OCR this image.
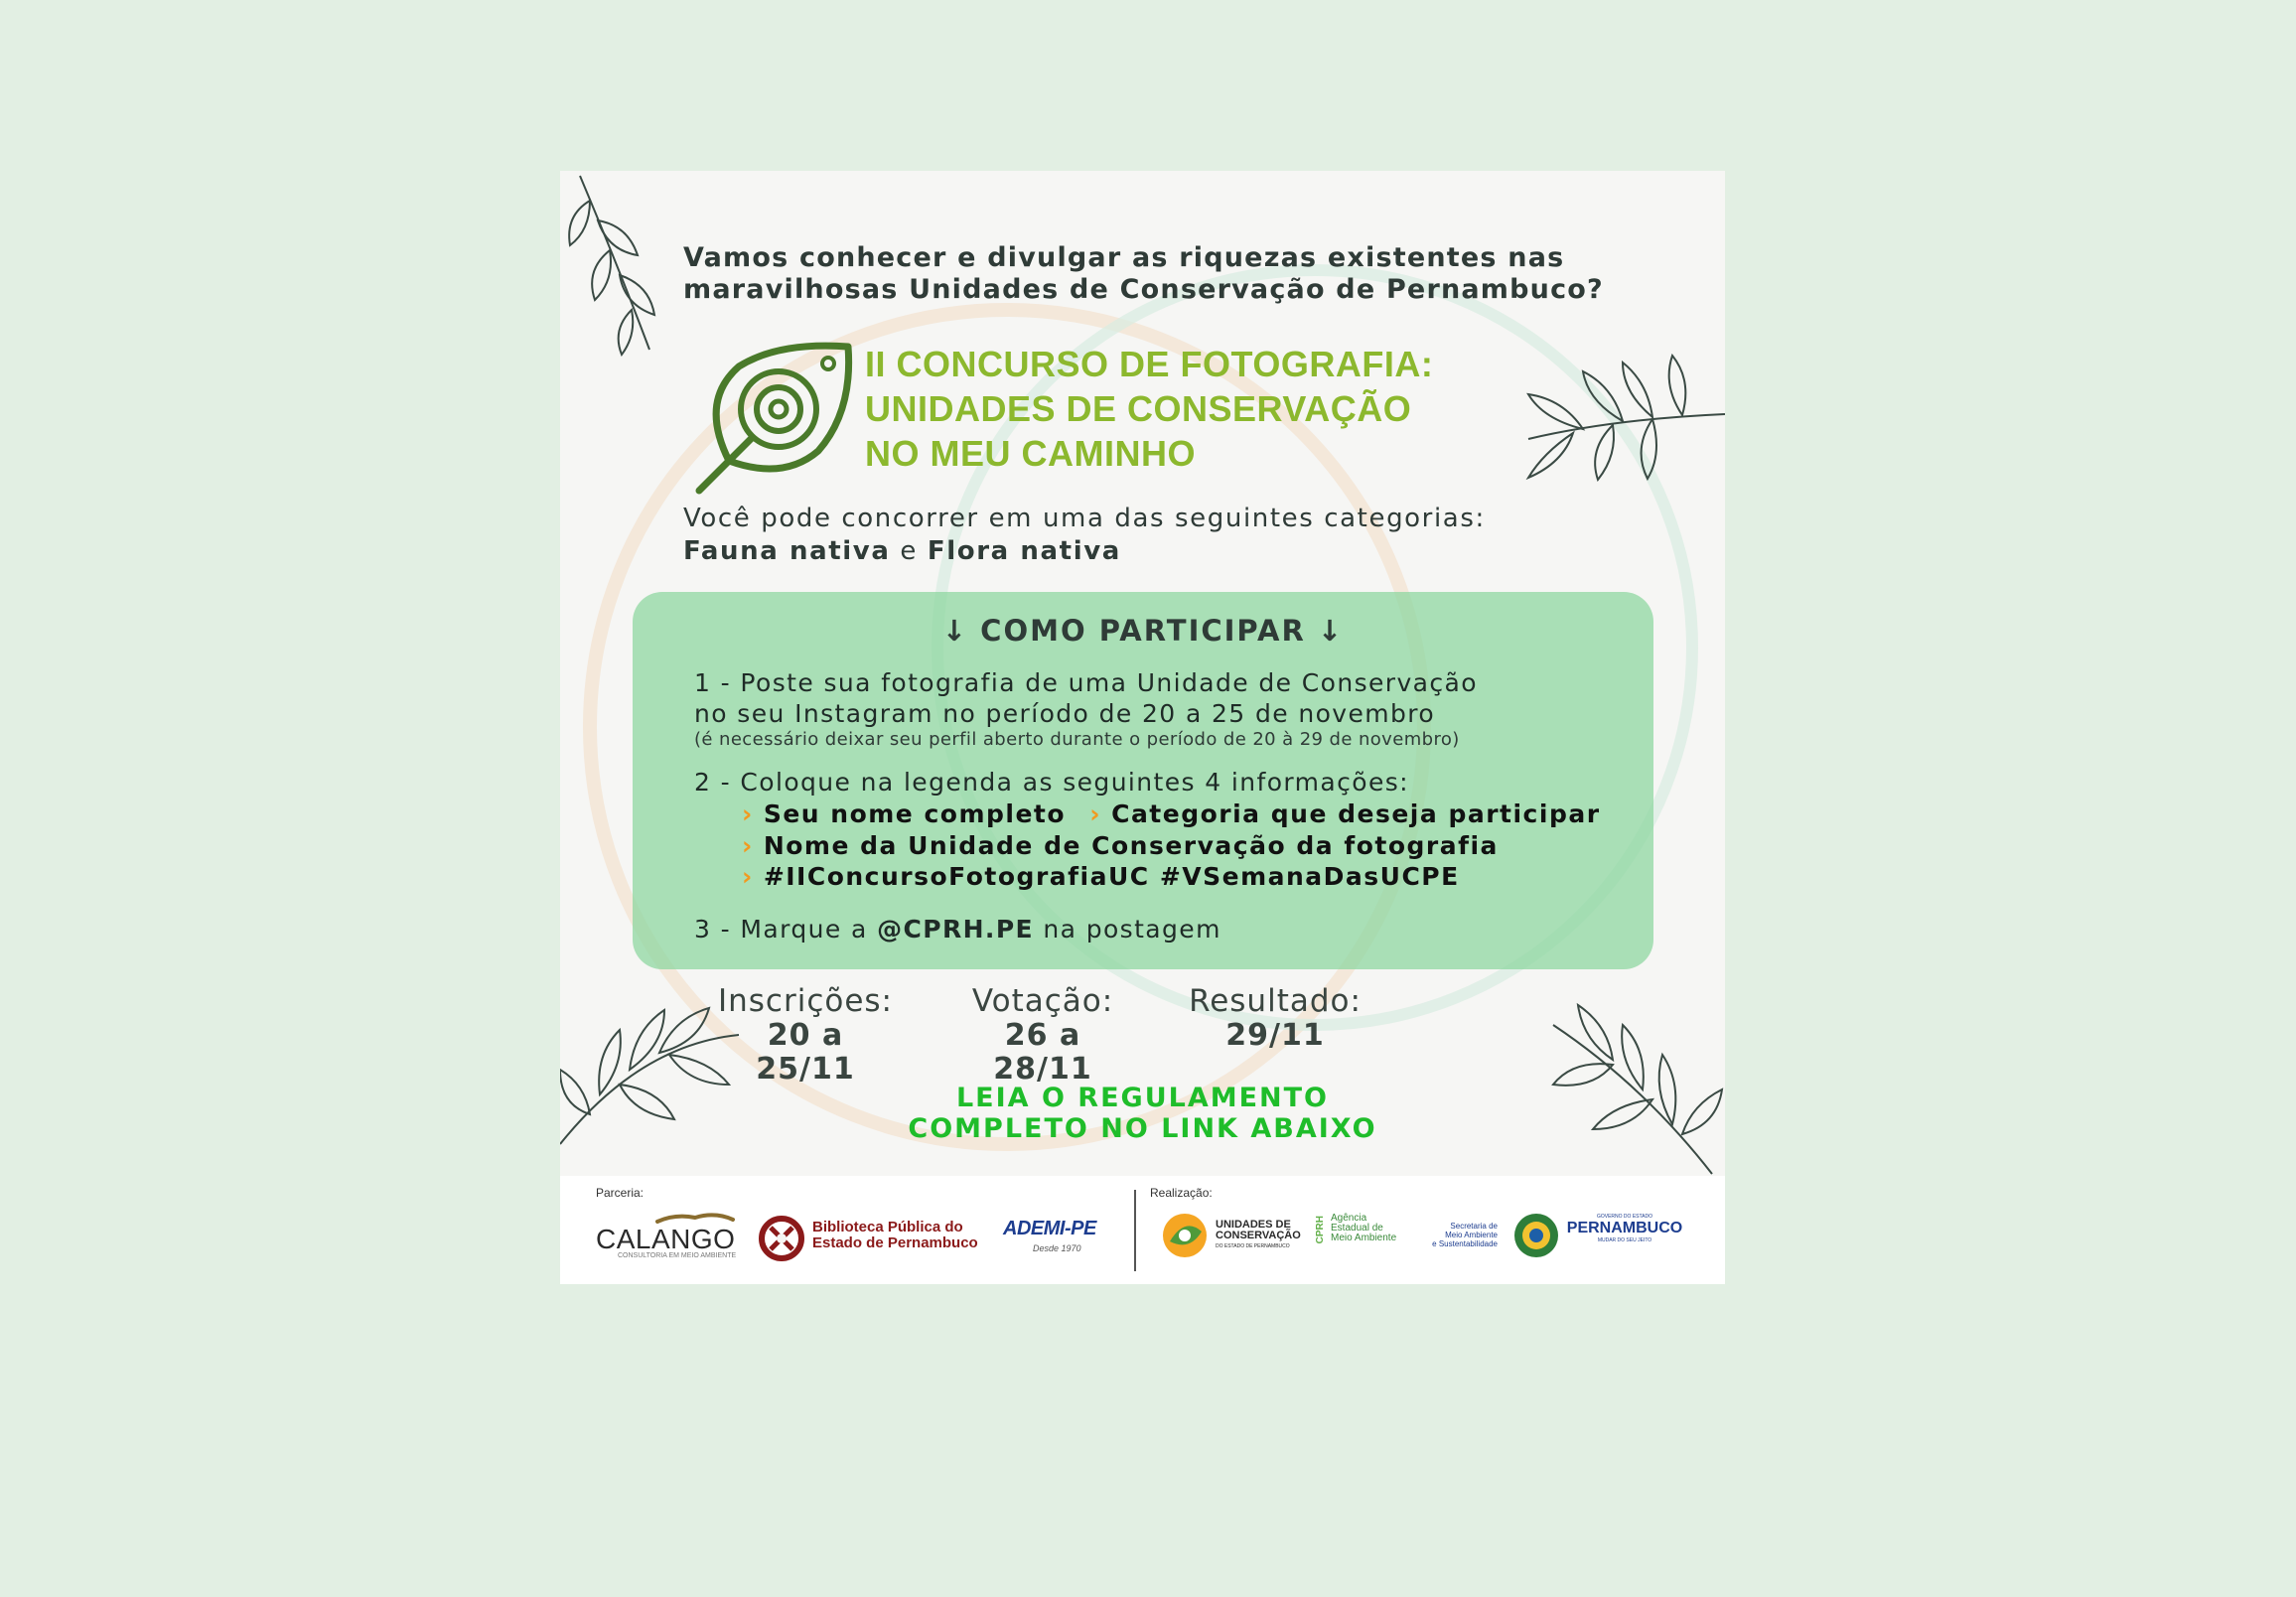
Vamos conhecer e divulgar as riquezas existentes nas
maravilhosas Unidades de Conservação de Pernambuco?
II CONCURSO DE FOTOGRAFIA:
UNIDADES DE CONSERVAÇÃO
NO MEU CAMINHO
Você pode concorrer em uma das seguintes categorias:
Fauna nativa e Flora nativa
↓ COMO PARTICIPAR ↓
1 - Poste sua fotografia de uma Unidade de Conservação
no seu Instagram no período de 20 a 25 de novembro
(é necessário deixar seu perfil aberto durante o período de 20 à 29 de novembro)
2 - Coloque na legenda as seguintes 4 informações:
› Seu nome completo › Categoria que deseja participar
› Nome da Unidade de Conservação da fotografia
› #IIConcursoFotografiaUC #VSemanaDasUCPE
3 - Marque a @CPRH.PE na postagem
Inscrições:
20 a 25/11
Votação:
26 a 28/11
Resultado:
29/11
LEIA O REGULAMENTO
COMPLETO NO LINK ABAIXO
Parceria:	Realização:
CALANGO
CONSULTORIA EM MEIO AMBIENTE
Biblioteca Pública do
Estado de Pernambuco
ADEMI-PE
Desde 1970
UNIDADES DE
CONSERVAÇÃO
DO ESTADO DE PERNAMBUCO
CPRH Agência
Estadual de
Meio Ambiente
Secretaria de
Meio Ambiente
e Sustentabilidade
GOVERNO DO ESTADO
PERNAMBUCO
MUDAR DO SEU JEITO
